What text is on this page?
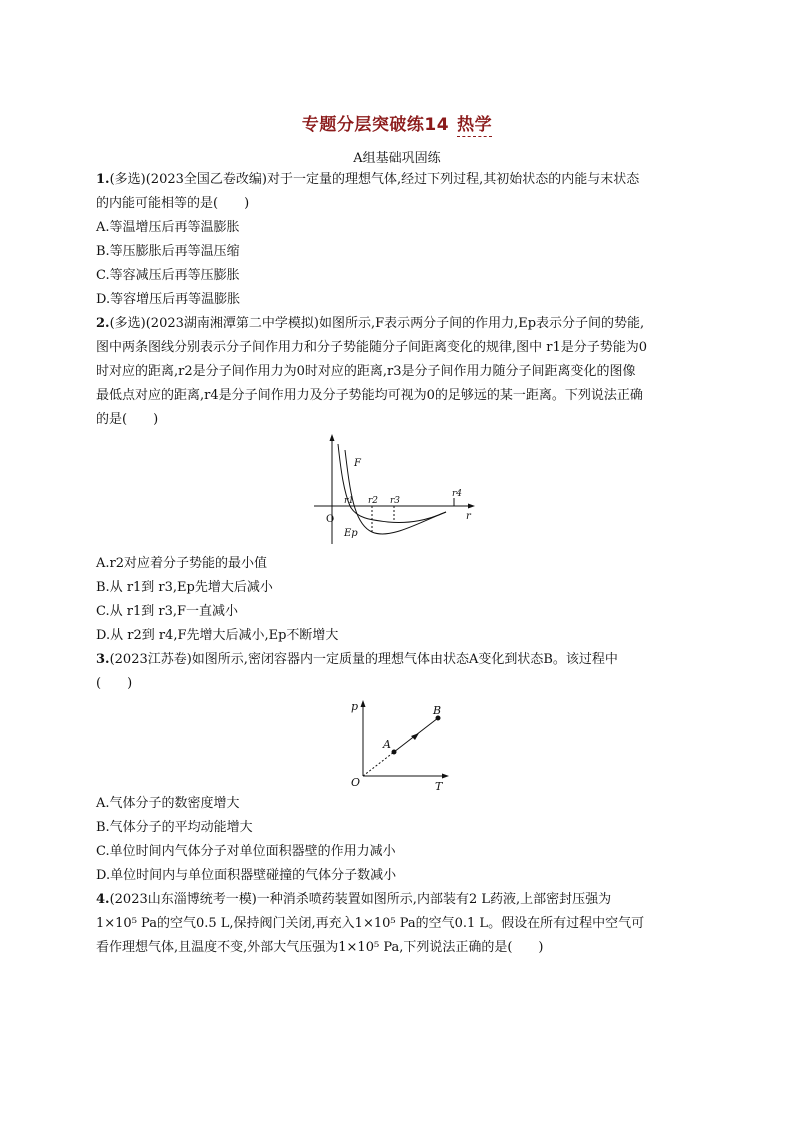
专题分层突破练14 热学
A组基础巩固练
1.(多选)(2023全国乙卷改编)对于一定量的理想气体,经过下列过程,其初始状态的内能与末状态
的内能可能相等的是(　　)
A.等温增压后再等温膨胀
B.等压膨胀后再等温压缩
C.等容减压后再等压膨胀
D.等容增压后再等温膨胀
2.(多选)(2023湖南湘潭第二中学模拟)如图所示,F表示两分子间的作用力,Ep表示分子间的势能,
图中两条图线分别表示分子间作用力和分子势能随分子间距离变化的规律,图中 r1是分子势能为0
时对应的距离,r2是分子间作用力为0时对应的距离,r3是分子间作用力随分子间距离变化的图像
最低点对应的距离,r4是分子间作用力及分子势能均可视为0的足够远的某一距离。下列说法正确
的是(　　)
O
F
Ep
r1 r2 r3
r4
r
A.r2对应着分子势能的最小值
B.从 r1到 r3,Ep先增大后减小
C.从 r1到 r3,F一直减小
D.从 r2到 r4,F先增大后减小,Ep不断增大
3.(2023江苏卷)如图所示,密闭容器内一定质量的理想气体由状态A变化到状态B。该过程中
(　　)
p
T
O
A
B
A.气体分子的数密度增大
B.气体分子的平均动能增大
C.单位时间内气体分子对单位面积器壁的作用力减小
D.单位时间内与单位面积器壁碰撞的气体分子数减小
4.(2023山东淄博统考一模)一种消杀喷药装置如图所示,内部装有2 L药液,上部密封压强为
1×10⁵ Pa的空气0.5 L,保持阀门关闭,再充入1×10⁵ Pa的空气0.1 L。假设在所有过程中空气可
看作理想气体,且温度不变,外部大气压强为1×10⁵ Pa,下列说法正确的是(　　)
